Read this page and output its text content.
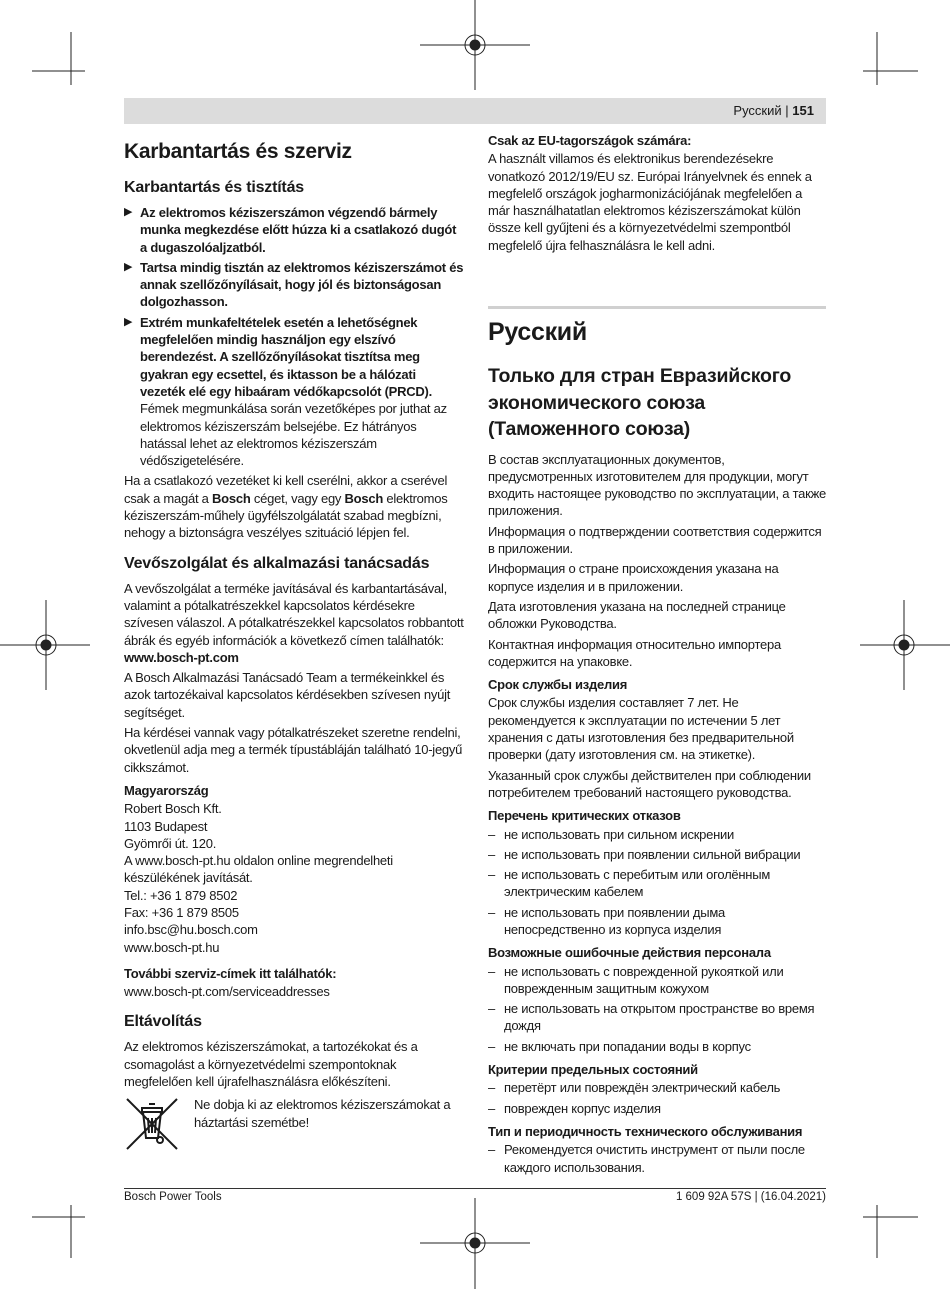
Русский | 151
Karbantartás és szerviz
Karbantartás és tisztítás
▶ Az elektromos kéziszerszámon végzendő bármely munka megkezdése előtt húzza ki a csatlakozó dugót a dugaszolóaljzatból.
▶ Tartsa mindig tisztán az elektromos kéziszerszámot és annak szellőzőnyílásait, hogy jól és biztonságosan dolgozhasson.
▶ Extrém munkafeltételek esetén a lehetőségnek megfelelően mindig használjon egy elszívó berendezést. A szellőzőnyílásokat tisztítsa meg gyakran egy ecsettel, és iktasson be a hálózati vezeték elé egy hibaáram védőkapcsolót (PRCD). Fémek megmunkálása során vezetőképes por juthat az elektromos kéziszerszám belsejébe. Ez hátrányos hatással lehet az elektromos kéziszerszám védőszigetelésére.

Ha a csatlakozó vezetéket ki kell cserélni, akkor a cserével csak a magát a Bosch céget, vagy egy Bosch elektromos kéziszerszám-műhely ügyfélszolgálatát szabad megbízni, nehogy a biztonságra veszélyes szituáció lépjen fel.

Vevőszolgálat és alkalmazási tanácsadás

A vevőszolgálat a terméke javításával és karbantartásával, valamint a pótalkatrészekkel kapcsolatos kérdésekre szívesen válaszol. A pótalkatrészekkel kapcsolatos robbantott ábrák és egyéb információk a következő címen találhatók:
www.bosch-pt.com

A Bosch Alkalmazási Tanácsadó Team a termékeinkkel és azok tartozékaival kapcsolatos kérdésekben szívesen nyújt segítséget.

Ha kérdései vannak vagy pótalkatrészeket szeretne rendelni, okvetlenül adja meg a termék típustábláján található 10-jegyű cikkszámot.

Magyarország
Robert Bosch Kft.
1103 Budapest
Gyömrői út. 120.
A www.bosch-pt.hu oldalon online megrendelheti készülékének javítását.
Tel.: +36 1 879 8502
Fax: +36 1 879 8505
info.bsc@hu.bosch.com
www.bosch-pt.hu
További szerviz-címek itt találhatók:

www.bosch-pt.com/serviceaddresses

Eltávolítás

Az elektromos kéziszerszámokat, a tartozékokat és a csomagolást a környezetvédelmi szempontoknak megfelelően kell újrafelhasználásra előkészíteni.

Ne dobja ki az elektromos kéziszerszámokat a háztartási szemétbe!

Csak az EU-tagországok számára:

A használt villamos és elektronikus berendezésekre vonatkozó 2012/19/EU sz. Európai Irányelvnek és ennek a megfelelő országok jogharmonizációjának megfelelően a már használhatatlan elektromos kéziszerszámokat külön össze kell gyűjteni és a környezetvédelmi szempontból megfelelő újra felhasználásra le kell adni.

Русский
Только для стран Евразийского экономического союза (Таможенного союза)

В состав эксплуатационных документов, предусмотренных изготовителем для продукции, могут входить настоящее руководство по эксплуатации, а также приложения.

Информация о подтверждении соответствия содержится в приложении.

Информация о стране происхождения указана на корпусе изделия и в приложении.

Дата изготовления указана на последней странице обложки Руководства.

Контактная информация относительно импортера содержится на упаковке.

Срок службы изделия

Срок службы изделия составляет 7 лет. Не рекомендуется к эксплуатации по истечении 5 лет хранения с даты изготовления без предварительной проверки (дату изготовления см. на этикетке).

Указанный срок службы действителен при соблюдении потребителем требований настоящего руководства.

Перечень критических отказов
– не использовать при сильном искрении
– не использовать при появлении сильной вибрации
– не использовать с перебитым или оголённым электрическим кабелем
– не использовать при появлении дыма непосредственно из корпуса изделия
Возможные ошибочные действия персонала
– не использовать с поврежденной рукояткой или поврежденным защитным кожухом
– не использовать на открытом пространстве во время дождя
– не включать при попадании воды в корпус
Критерии предельных состояний
– перетёрт или повреждён электрический кабель
– поврежден корпус изделия
Тип и периодичность технического обслуживания
– Рекомендуется очистить инструмент от пыли после каждого использования.
Bosch Power Tools	1 609 92A 57S | (16.04.2021)
